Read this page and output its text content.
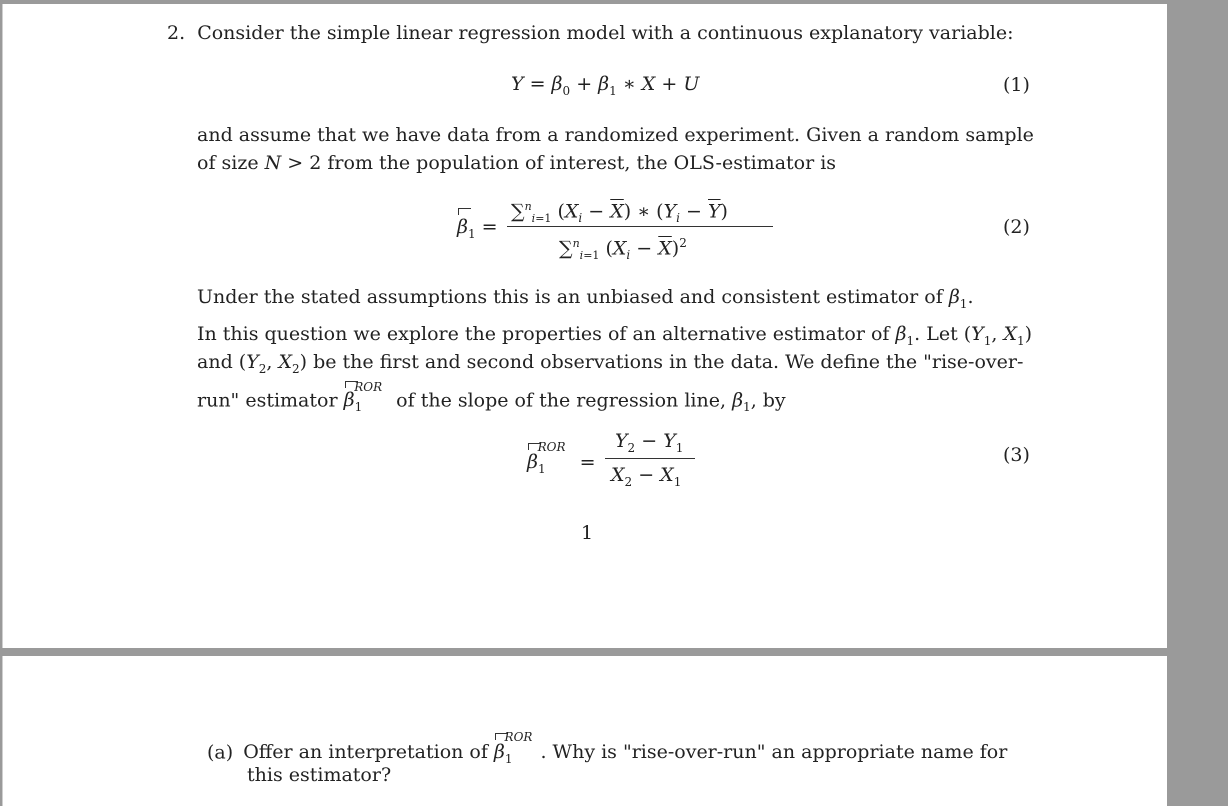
2. Consider the simple linear regression model with a continuous explanatory variable:
$Y = \beta_0 + \beta_1$ ∗ X + U	(1)
and assume that we have data from a randomized experiment. Given a random sample
of size N > 2 from the population of interest, the OLS-estimator is
$\beta_1$ =
∑$^n_{i=1}$ $(X_i - \overline{X})$ ∗ $(Y_i - \overline{Y})$
∑$^n_{i=1}$ $(X_i - \overline{X})^2$
(2)
Under the stated assumptions this is an unbiased and consistent estimator of $\beta_1$.
In this question we explore the properties of an alternative estimator of $\beta_1$. Let ($Y_1$, $X_1$)
and ($Y_2$, $X_2$) be the first and second observations in the data. We define the "rise-over-
run" estimator $\beta_1^{ROR}$ of the slope of the regression line, $\beta_1$, by
$\beta_1^{ROR}$ =
$Y_2 - Y_1$
$X_2 - X_1$
(3)
1
(a) Offer an interpretation of $\beta_1^{ROR}$. Why is "rise-over-run" an appropriate name for
this estimator?
